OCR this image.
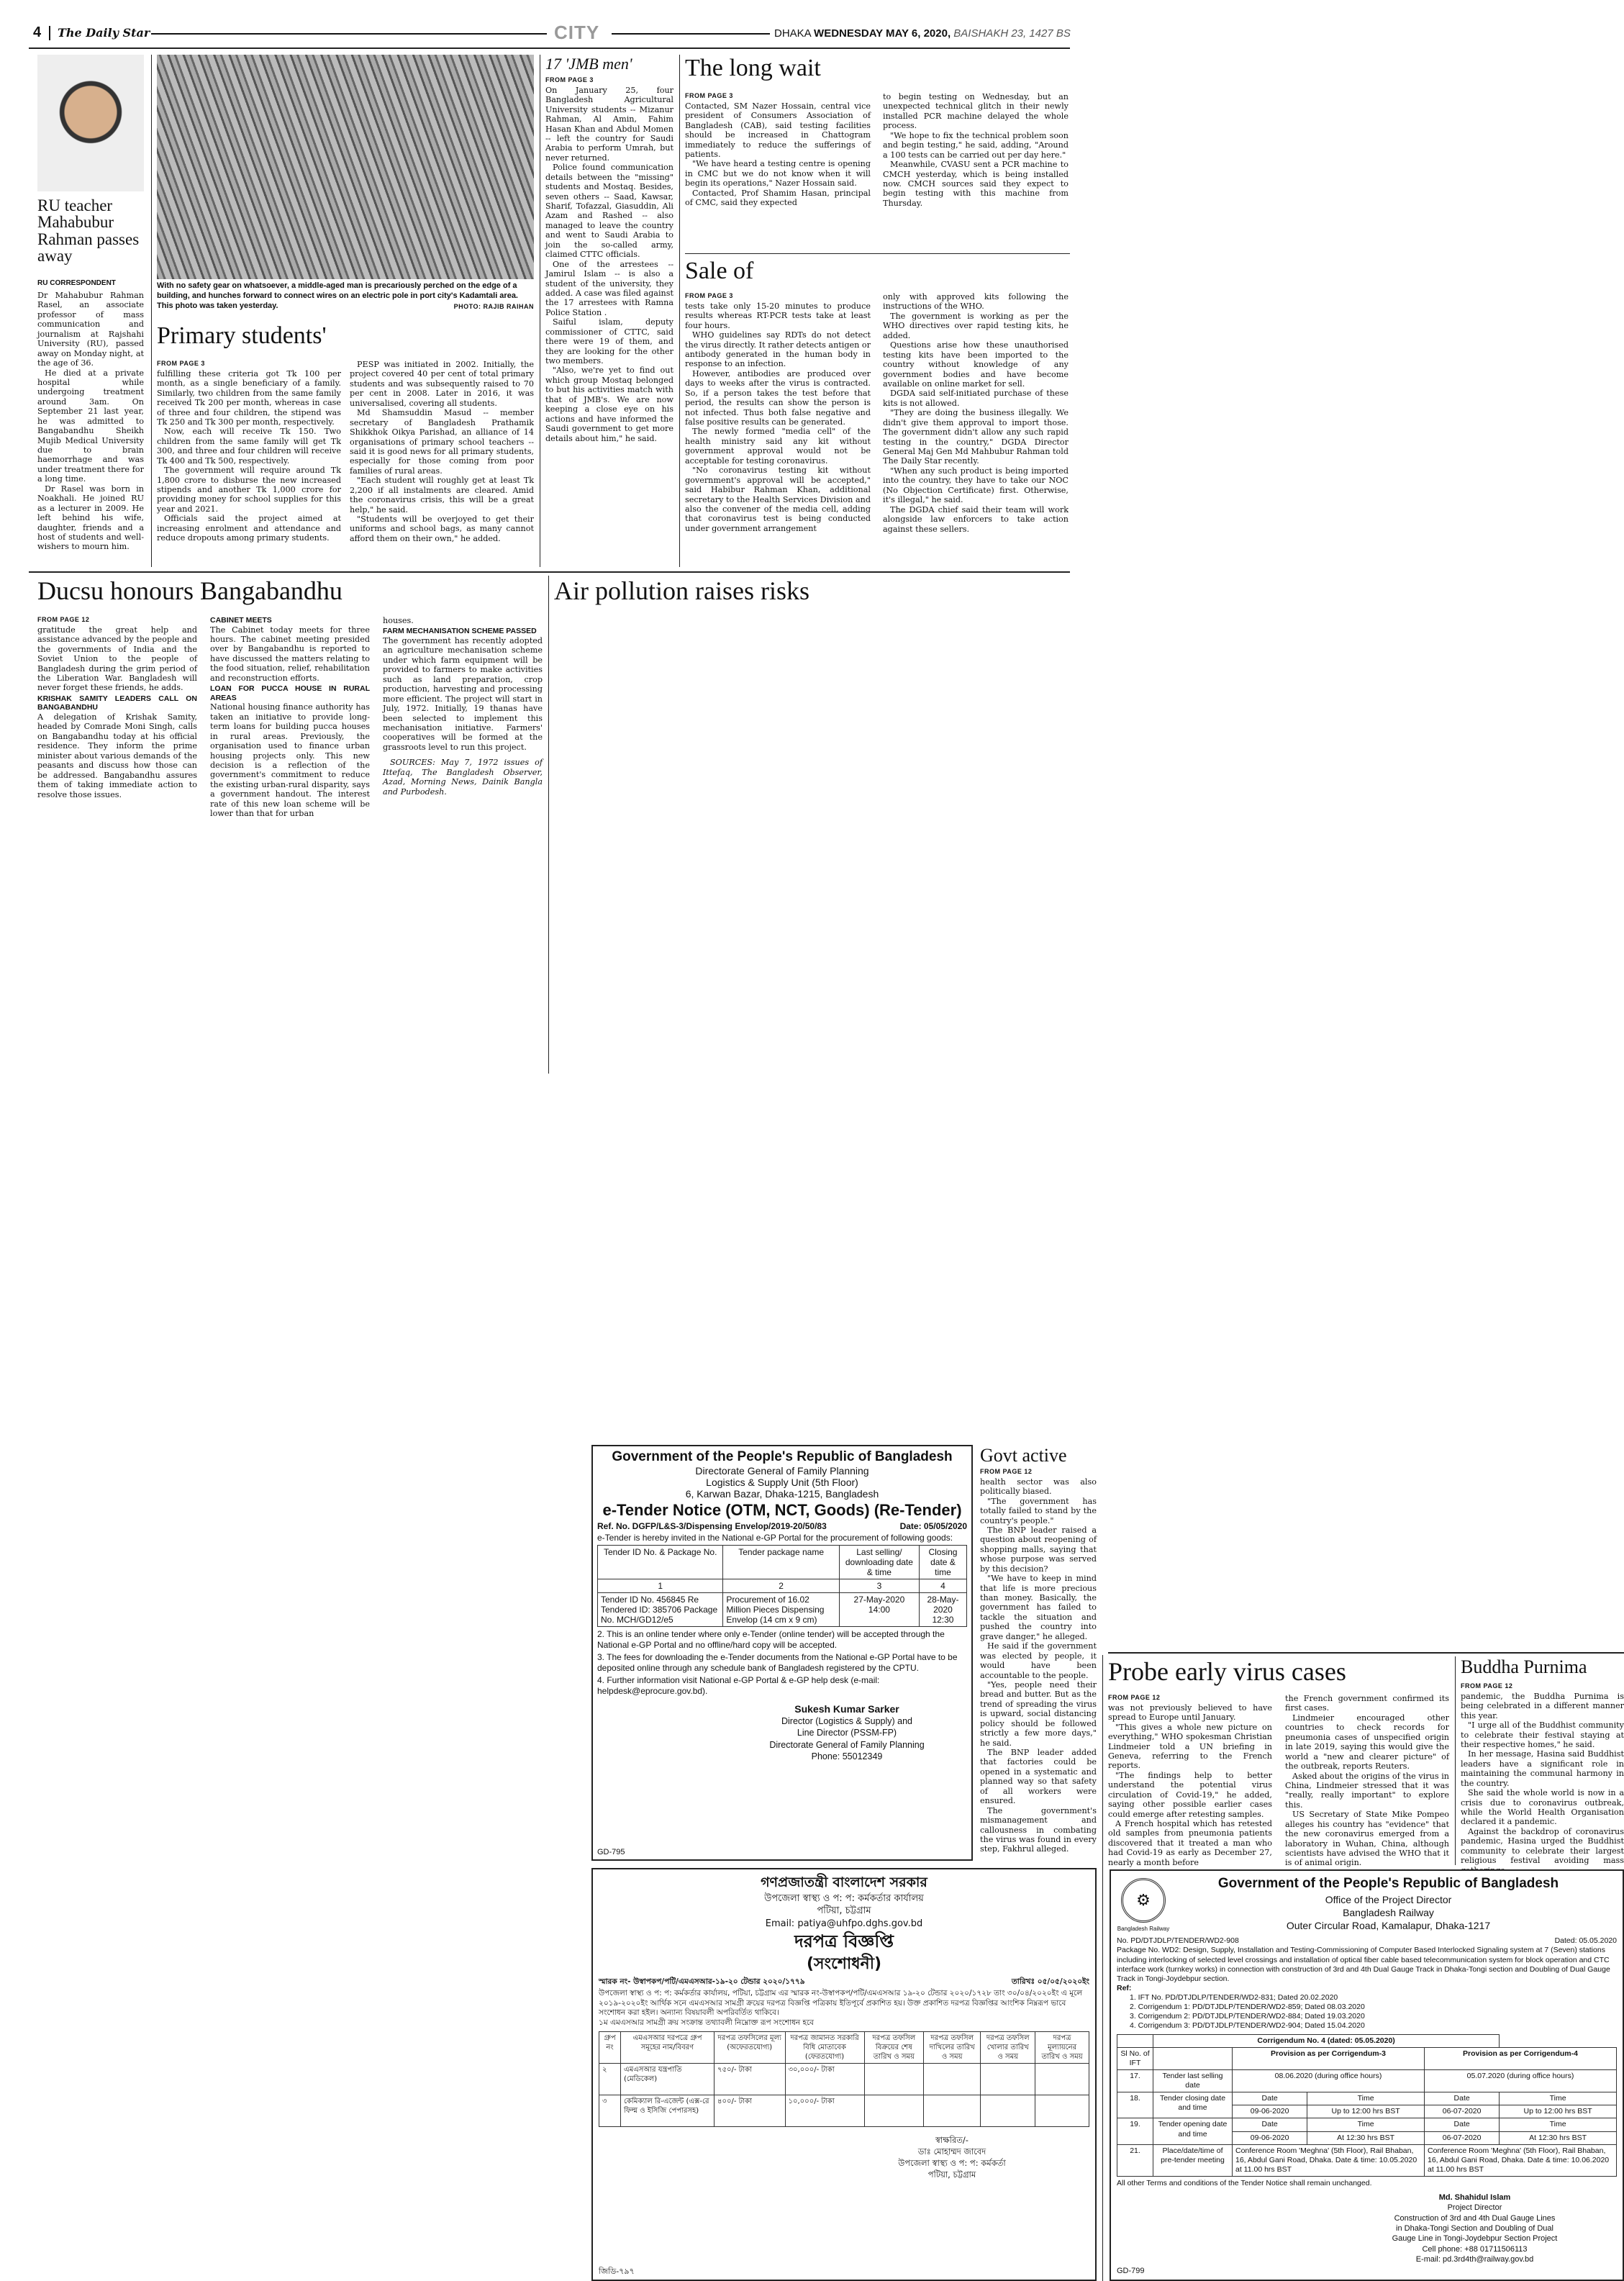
4 The Daily Star	CITY	DHAKA WEDNESDAY MAY 6, 2020, BAISHAKH 23, 1427 BS
RU teacher Mahabubur Rahman passes away
RU CORRESPONDENT

Dr Mahabubur Rahman Rasel, an associate professor of mass communication and journalism at Rajshahi University (RU), passed away on Monday night, at the age of 36.

He died at a private hospital while undergoing treatment around 3am. On September 21 last year, he was admitted to Bangabandhu Sheikh Mujib Medical University due to brain haemorrhage and was under treatment there for a long time.

Dr Rasel was born in Noakhali. He joined RU as a lecturer in 2009. He left behind his wife, daughter, friends and a host of students and well-wishers to mourn him.

With no safety gear on whatsoever, a middle-aged man is precariously perched on the edge of a building, and hunches forward to connect wires on an electric pole in port city's Kadamtali area. This photo was taken yesterday.	PHOTO: RAJIB RAIHAN
Primary students'
FROM PAGE 3

fulfilling these criteria got Tk 100 per month, as a single beneficiary of a family. Similarly, two children from the same family received Tk 200 per month, whereas in case of three and four children, the stipend was Tk 250 and Tk 300 per month, respectively.

Now, each will receive Tk 150. Two children from the same family will get Tk 300, and three and four children will receive Tk 400 and Tk 500, respectively.

The government will require around Tk 1,800 crore to disburse the new increased stipends and another Tk 1,000 crore for providing money for school supplies for this year and 2021.

Officials said the project aimed at increasing enrolment and attendance and reduce dropouts among primary students.

PESP was initiated in 2002. Initially, the project covered 40 per cent of total primary students and was subsequently raised to 70 per cent in 2008. Later in 2016, it was universalised, covering all students.

Md Shamsuddin Masud -- member secretary of Bangladesh Prathamik Shikkhok Oikya Parishad, an alliance of 14 organisations of primary school teachers -- said it is good news for all primary students, especially for those coming from poor families of rural areas.

"Each student will roughly get at least Tk 2,200 if all instalments are cleared. Amid the coronavirus crisis, this will be a great help," he said.

"Students will be overjoyed to get their uniforms and school bags, as many cannot afford them on their own," he added.

17 'JMB men'
FROM PAGE 3

On January 25, four Bangladesh Agricultural University students -- Mizanur Rahman, Al Amin, Fahim Hasan Khan and Abdul Momen -- left the country for Saudi Arabia to perform Umrah, but never returned.

Police found communication details between the "missing" students and Mostaq. Besides, seven others -- Saad, Kawsar, Sharif, Tofazzal, Giasuddin, Ali Azam and Rashed -- also managed to leave the country and went to Saudi Arabia to join the so-called army, claimed CTTC officials.

One of the arrestees -- Jamirul Islam -- is also a student of the university, they added. A case was filed against the 17 arrestees with Ramna Police Station .

Saiful islam, deputy commissioner of CTTC, said there were 19 of them, and they are looking for the other two members.

"Also, we're yet to find out which group Mostaq belonged to but his activities match with that of JMB's. We are now keeping a close eye on his actions and have informed the Saudi government to get more details about him," he said.

The long wait
FROM PAGE 3

Contacted, SM Nazer Hossain, central vice president of Consumers Association of Bangladesh (CAB), said testing facilities should be increased in Chattogram immediately to reduce the sufferings of patients.

"We have heard a testing centre is opening in CMC but we do not know when it will begin its operations," Nazer Hossain said.

Contacted, Prof Shamim Hasan, principal of CMC, said they expected

to begin testing on Wednesday, but an unexpected technical glitch in their newly installed PCR machine delayed the whole process.

"We hope to fix the technical problem soon and begin testing," he said, adding, "Around a 100 tests can be carried out per day here."

Meanwhile, CVASU sent a PCR machine to CMCH yesterday, which is being installed now. CMCH sources said they expect to begin testing with this machine from Thursday.

Sale of
FROM PAGE 3

tests take only 15-20 minutes to produce results whereas RT-PCR tests take at least four hours.

WHO guidelines say RDTs do not detect the virus directly. It rather detects antigen or antibody generated in the human body in response to an infection.

However, antibodies are produced over days to weeks after the virus is contracted. So, if a person takes the test before that period, the results can show the person is not infected. Thus both false negative and false positive results can be generated.

The newly formed "media cell" of the health ministry said any kit without government approval would not be acceptable for testing coronavirus.

"No coronavirus testing kit without government's approval will be accepted," said Habibur Rahman Khan, additional secretary to the Health Services Division and also the convener of the media cell, adding that coronavirus test is being conducted under government arrangement

only with approved kits following the instructions of the WHO.

The government is working as per the WHO directives over rapid testing kits, he added.

Questions arise how these unauthorised testing kits have been imported to the country without knowledge of any government bodies and have become available on online market for sell.

DGDA said self-initiated purchase of these kits is not allowed.

"They are doing the business illegally. We didn't give them approval to import those. The government didn't allow any such rapid testing in the country," DGDA Director General Maj Gen Md Mahbubur Rahman told The Daily Star recently.

"When any such product is being imported into the country, they have to take our NOC (No Objection Certificate) first. Otherwise, it's illegal," he said.

The DGDA chief said their team will work alongside law enforcers to take action against these sellers.

Ducsu honours Bangabandhu
FROM PAGE 12

gratitude the great help and assistance advanced by the people and the governments of India and the Soviet Union to the people of Bangladesh during the grim period of the Liberation War. Bangladesh will never forget these friends, he adds.

KRISHAK SAMITY LEADERS CALL ON BANGABANDHU

A delegation of Krishak Samity, headed by Comrade Moni Singh, calls on Bangabandhu today at his official residence. They inform the prime minister about various demands of the peasants and discuss how those can be addressed. Bangabandhu assures them of taking immediate action to resolve those issues.

CABINET MEETS

The Cabinet today meets for three hours. The cabinet meeting presided over by Bangabandhu is reported to have discussed the matters relating to the food situation, relief, rehabilitation and reconstruction efforts.

LOAN FOR PUCCA HOUSE IN RURAL AREAS

National housing finance authority has taken an initiative to provide long-term loans for building pucca houses in rural areas. Previously, the organisation used to finance urban housing projects only. This new decision is a reflection of the government's commitment to reduce the existing urban-rural disparity, says a government handout. The interest rate of this new loan scheme will be lower than that for urban

houses.

FARM MECHANISATION SCHEME PASSED

The government has recently adopted an agriculture mechanisation scheme under which farm equipment will be provided to farmers to make activities such as land preparation, crop production, harvesting and processing more efficient. The project will start in July, 1972. Initially, 19 thanas have been selected to implement this mechanisation initiative. Farmers' cooperatives will be formed at the grassroots level to run this project.

SOURCES: May 7, 1972 issues of Ittefaq, The Bangladesh Observer, Azad, Morning News, Dainik Bangla and Purbodesh.

Air pollution raises risks
Government of the People's Republic of Bangladesh
Directorate General of Family Planning
Logistics & Supply Unit (5th Floor)
6, Karwan Bazar, Dhaka-1215, Bangladesh
e-Tender Notice (OTM, NCT, Goods) (Re-Tender)
Ref. No. DGFP/L&S-3/Dispensing Envelop/2019-20/50/83	Date: 05/05/2020
e-Tender is hereby invited in the National e-GP Portal for the procurement of following goods:
Tender ID No. & Package No.	Tender package name	Last selling/ downloading date & time	Closing date & time
1	2	3	4
Tender ID No. 456845 Re Tendered ID: 385706 Package No. MCH/GD12/e5	Procurement of 16.02 Million Pieces Dispensing Envelop (14 cm x 9 cm)	27-May-2020 14:00	28-May-2020 12:30
2. This is an online tender where only e-Tender (online tender) will be accepted through the National e-GP Portal and no offline/hard copy will be accepted.
3. The fees for downloading the e-Tender documents from the National e-GP Portal have to be deposited online through any schedule bank of Bangladesh registered by the CPTU.
4. Further information visit National e-GP Portal & e-GP help desk (e-mail: helpdesk@eprocure.gov.bd).
Sukesh Kumar Sarker
Director (Logistics & Supply) and
Line Director (PSSM-FP)
Directorate General of Family Planning
Phone: 55012349
GD-795
Govt active
FROM PAGE 12

health sector was also politically biased.

"The government has totally failed to stand by the country's people."

The BNP leader raised a question about reopening of shopping malls, saying that whose purpose was served by this decision?

"We have to keep in mind that life is more precious than money. Basically, the government has failed to tackle the situation and pushed the country into grave danger," he alleged.

He said if the government was elected by people, it would have been accountable to the people.

"Yes, people need their bread and butter. But as the trend of spreading the virus is upward, social distancing policy should be followed strictly a few more days," he said.

The BNP leader added that factories could be opened in a systematic and planned way so that safety of all workers were ensured.

The government's mismanagement and callousness in combating the virus was found in every step, Fakhrul alleged.

গণপ্রজাতন্ত্রী বাংলাদেশ সরকার
উপজেলা স্বাস্থ্য ও প: প: কর্মকর্তার কার্যালয়
পটিয়া, চট্টগ্রাম
Email: patiya@uhfpo.dghs.gov.bd
দরপত্র বিজ্ঞপ্তি
(সংশোধনী)
স্মারক নং- উস্বাপকপ/পটি/এমএসআর-১৯-২০ টেন্ডার ২০২০/১৭৭৯	তারিখঃ ০৫/০৫/২০২০ইং
উপজেলা স্বাস্থ্য ও প: প: কর্মকর্তার কার্যালয়, পটিয়া, চট্টগ্রাম এর স্মারক নং-উস্বাপকপ/পটি/এমএসআর ১৯-২০ টেন্ডার ২০২০/১৭২৮ তাং ৩০/০৪/২০২০ইং এ মূলে ২০১৯-২০২০ইং আর্থিক সনে এমএসআর সামগ্রী ক্রয়ের দরপত্র বিজ্ঞপ্তি পত্রিকায় ইতিপূর্বে প্রকাশিত হয়। উক্ত প্রকাশিত দরপত্র বিজ্ঞপ্তির আংশিক নিম্নরূপ ভাবে সংশোধন করা হইল। অন্যান্য বিষয়াবলী অপরিবর্তিত থাকিবে।
১ম এমএসআর সামগ্রী ক্রয় সংক্রান্ত তথ্যাবলী নিম্নোক্ত রূপ সংশোধন হবে
গ্রুপ নং	এমএসআর দরপত্রে গ্রুপ সমূহের নাম/বিবরণ	দরপত্র তফসিলের মূল্য (অফেরতযোগ্য)	দরপত্র জামানত সরকারি বিধি মোতাবেক (ফেরতযোগ্য)	দরপত্র তফসিল বিক্রয়ের শেষ তারিখ ও সময়	দরপত্র তফসিল দাখিলের তারিখ ও সময়	দরপত্র তফসিল খোলার তারিখ ও সময়	দরপত্র মূল্যায়নের তারিখ ও সময়
২	এমএসআর যন্ত্রপাতি (মেডিকেল)	৭৫০/- টাকা	৩০,০০০/- টাকা				
৩	কেমিক্যাল রি-এজেন্ট (এক্স-রে ফিল্ম ও ইসিজি পেপারসহ)	৪০০/- টাকা	১০,০০০/- টাকা				
স্বাক্ষরিত/-
ডাঃ মোহাম্মদ জাবেদ
উপজেলা স্বাস্থ্য ও প: প: কর্মকর্তা
পটিয়া, চট্টগ্রাম
জিডি-৭৯৭
Probe early virus cases
FROM PAGE 12

was not previously believed to have spread to Europe until January.

"This gives a whole new picture on everything," WHO spokesman Christian Lindmeier told a UN briefing in Geneva, referring to the French reports.

"The findings help to better understand the potential virus circulation of Covid-19," he added, saying other possible earlier cases could emerge after retesting samples.

A French hospital which has retested old samples from pneumonia patients discovered that it treated a man who had Covid-19 as early as December 27, nearly a month before

the French government confirmed its first cases.

Lindmeier encouraged other countries to check records for pneumonia cases of unspecified origin in late 2019, saying this would give the world a "new and clearer picture" of the outbreak, reports Reuters.

Asked about the origins of the virus in China, Lindmeier stressed that it was "really, really important" to explore this.

US Secretary of State Mike Pompeo alleges his country has "evidence" that the new coronavirus emerged from a laboratory in Wuhan, China, although scientists have advised the WHO that it is of animal origin.

Buddha Purnima
FROM PAGE 12

pandemic, the Buddha Purnima is being celebrated in a different manner this year.

"I urge all of the Buddhist community to celebrate their festival staying at their respective homes," he said.

In her message, Hasina said Buddhist leaders have a significant role in maintaining the communal harmony in the country.

She said the whole world is now in a crisis due to coronavirus outbreak, while the World Health Organisation declared it a pandemic.

Against the backdrop of coronavirus pandemic, Hasina urged the Buddhist community to celebrate their largest religious festival avoiding mass

⚙
Bangladesh Railway
Government of the People's Republic of Bangladesh
Office of the Project Director
Bangladesh Railway
Outer Circular Road, Kamalapur, Dhaka-1217
No. PD/DTJDLP/TENDER/WD2-908	Dated: 05.05.2020
Package No. WD2: Design, Supply, Installation and Testing-Commissioning of Computer Based Interlocked Signaling system at 7 (Seven) stations including interlocking of selected level crossings and installation of optical fiber cable based telecommunication system for block operation and CTC interface work (turnkey works) in connection with construction of 3rd and 4th Dual Gauge Track in Dhaka-Tongi section and Doubling of Dual Gauge Track in Tongi-Joydebpur section.
Ref:
1. IFT No. PD/DTJDLP/TENDER/WD2-831; Dated 20.02.2020
2. Corrigendum 1: PD/DTJDLP/TENDER/WD2-859; Dated 08.03.2020
3. Corrigendum 2: PD/DTJDLP/TENDER/WD2-884; Dated 19.03.2020
4. Corrigendum 3: PD/DTJDLP/TENDER/WD2-904; Dated 15.04.2020
	Corrigendum No. 4 (dated: 05.05.2020)				
Sl No. of IFT		Provision as per Corrigendum-3		Provision as per Corrigendum-4	
17.	Tender last selling date	08.06.2020 (during office hours)		05.07.2020 (during office hours)	
18.	Tender closing date and time	Date	Time	Date	Time
		09-06-2020	Up to 12:00 hrs BST	06-07-2020	Up to 12:00 hrs BST
19.	Tender opening date and time	Date	Time	Date	Time
		09-06-2020	At 12:30 hrs BST	06-07-2020	At 12:30 hrs BST
21.	Place/date/time of pre-tender meeting	Conference Room 'Meghna' (5th Floor), Rail Bhaban, 16, Abdul Gani Road, Dhaka. Date & time: 10.05.2020 at 11.00 hrs BST		Conference Room 'Meghna' (5th Floor), Rail Bhaban, 16, Abdul Gani Road, Dhaka. Date & time: 10.06.2020 at 11.00 hrs BST	
All other Terms and conditions of the Tender Notice shall remain unchanged.
Md. Shahidul Islam
Project Director
Construction of 3rd and 4th Dual Gauge Lines
in Dhaka-Tongi Section and Doubling of Dual
Gauge Line in Tongi-Joydebpur Section Project
Cell phone: +88 01711506113
E-mail: pd.3rd4th@railway.gov.bd
GD-799
